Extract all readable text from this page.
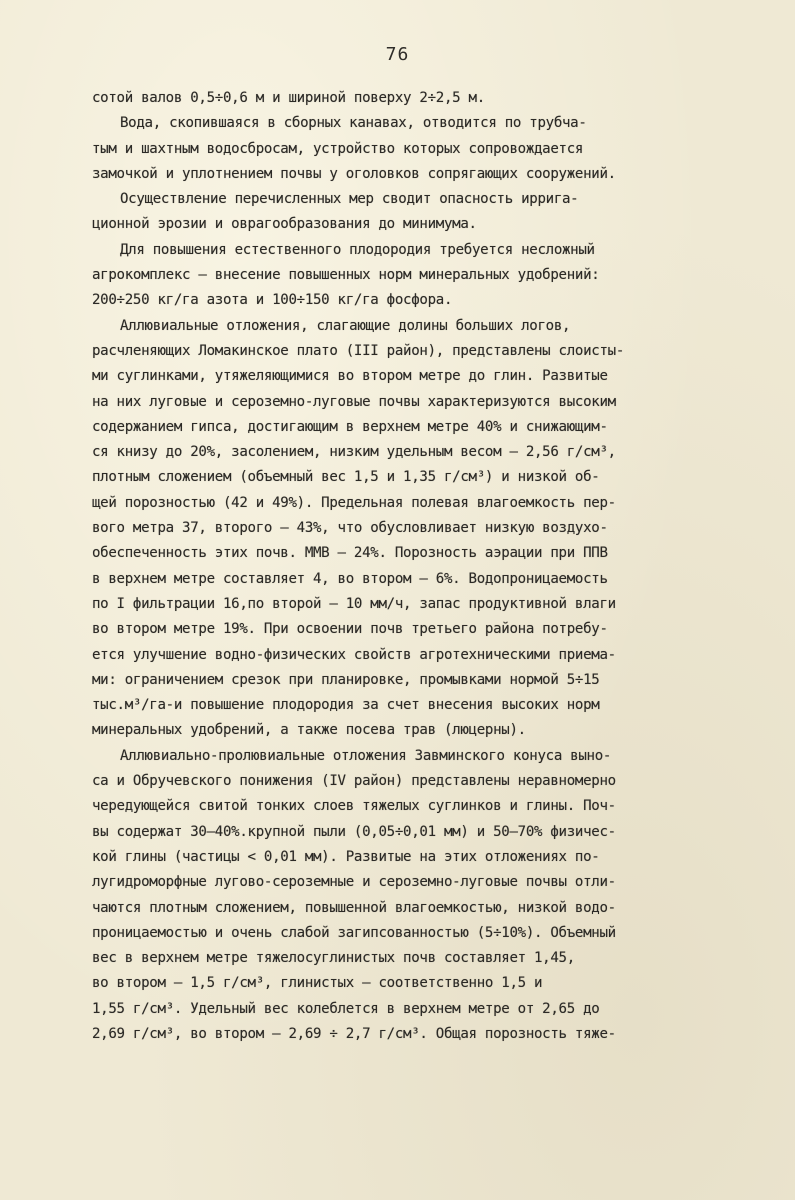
76
сотой валов 0,5÷0,6 м и шириной поверху 2÷2,5 м.
Вода, скопившаяся в сборных канавах, отводится по трубча-
тым и шахтным водосбросам, устройство которых сопровождается
замочкой и уплотнением почвы у оголовков сопрягающих сооружений.
Осуществление перечисленных мер сводит опасность ирригa-
ционной эрозии и оврагообразования до минимума.
Для повышения естественного плодородия требуется несложный
агрокомплекс – внесение повышенных норм минеральных удобрений:
200÷250 кг/га азота и 100÷150 кг/га фосфора.
Аллювиальные отложения, слагающие долины больших логов,
расчленяющих Ломакинское плато (III район), представлены слоисты-
ми суглинками, утяжеляющимися во втором метре до глин. Развитые
на них луговые и сероземно-луговые почвы характеризуются высоким
содержанием гипса, достигающим в верхнем метре 40% и снижающим-
ся книзу до 20%, засолением, низким удельным весом – 2,56 г/см³,
плотным сложением (объемный вес 1,5 и 1,35 г/см³) и низкой об-
щей порозностью (42 и 49%). Предельная полевая влагоемкость пер-
вого метра 37, второго – 43%, что обусловливает низкую воздухо-
обеспеченность этих почв. ММВ – 24%. Порозность аэрации при ППВ
в верхнем метре составляет 4, во втором – 6%. Водопроницаемость
по I фильтрации 16,по второй – 10 мм/ч, запас продуктивной влаги
во втором метре 19%. При освоении почв третьего района потребу-
ется улучшение водно-физических свойств агротехническими приема-
ми: ограничением срезок при планировке, промывками нормой 5÷15
тыс.м³/га-и повышение плодородия за счет внесения высоких норм
минеральных удобрений, а также посева трав (люцерны).
Аллювиально-пролювиальные отложения Завминского конуса выно-
са и Обручевского понижения (IV район) представлены неравномерно
чередующейся свитой тонких слоев тяжелых суглинков и глины. Поч-
вы содержат 30–40%.крупной пыли (0,05÷0,01 мм) и 50–70% физичес-
кой глины (частицы < 0,01 мм). Развитые на этих отложениях по-
лугидроморфные лугово-сероземные и сероземно-луговые почвы отли-
чаются плотным сложением, повышенной влагоемкостью, низкой водо-
проницаемостью и очень слабой загипсованностью (5÷10%). Объемный
вес в верхнем метре тяжелосуглинистых почв составляет 1,45,
во втором – 1,5 г/см³, глинистых – соответственно 1,5 и
1,55 г/см³. Удельный вес колеблется в верхнем метре от 2,65 до
2,69 г/см³, во втором – 2,69 ÷ 2,7 г/см³. Общая порозность тяже-
